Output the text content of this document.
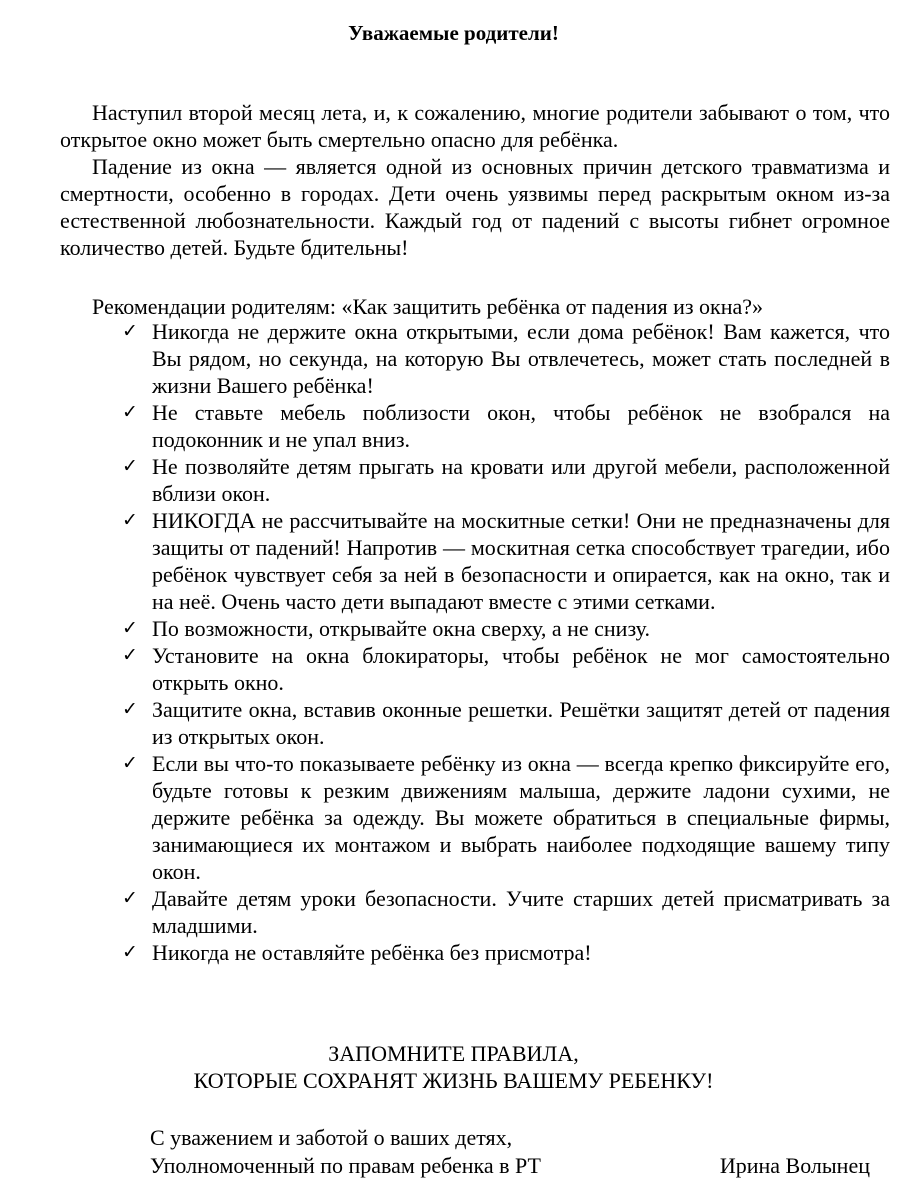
Уважаемые родители!

Наступил второй месяц лета, и, к сожалению, многие родители забывают о том, что открытое окно может быть смертельно опасно для ребёнка.

Падение из окна — является одной из основных причин детского травматизма и смертности, особенно в городах. Дети очень уязвимы перед раскрытым окном из-за естественной любознательности. Каждый год от падений с высоты гибнет огромное количество детей. Будьте бдительны!

Рекомендации родителям: «Как защитить ребёнка от падения из окна?»
✓ Никогда не держите окна открытыми, если дома ребёнок! Вам кажется, что Вы рядом, но секунда, на которую Вы отвлечетесь, может стать последней в жизни Вашего ребёнка!
✓ Не ставьте мебель поблизости окон, чтобы ребёнок не взобрался на подоконник и не упал вниз.
✓ Не позволяйте детям прыгать на кровати или другой мебели, расположенной вблизи окон.
✓ НИКОГДА не рассчитывайте на москитные сетки! Они не предназначены для защиты от падений! Напротив — москитная сетка способствует трагедии, ибо ребёнок чувствует себя за ней в безопасности и опирается, как на окно, так и на неё. Очень часто дети выпадают вместе с этими сетками.
✓ По возможности, открывайте окна сверху, а не снизу.
✓ Установите на окна блокираторы, чтобы ребёнок не мог самостоятельно открыть окно.
✓ Защитите окна, вставив оконные решетки. Решётки защитят детей от падения из открытых окон.
✓ Если вы что-то показываете ребёнку из окна — всегда крепко фиксируйте его, будьте готовы к резким движениям малыша, держите ладони сухими, не держите ребёнка за одежду. Вы можете обратиться в специальные фирмы, занимающиеся их монтажом и выбрать наиболее подходящие вашему типу окон.
✓ Давайте детям уроки безопасности. Учите старших детей присматривать за младшими.
✓ Никогда не оставляйте ребёнка без присмотра!
ЗАПОМНИТЕ ПРАВИЛА,
КОТОРЫЕ СОХРАНЯТ ЖИЗНЬ ВАШЕМУ РЕБЕНКУ!
С уважением и заботой о ваших детях,
Уполномоченный по правам ребенка в РТ	Ирина Волынец
